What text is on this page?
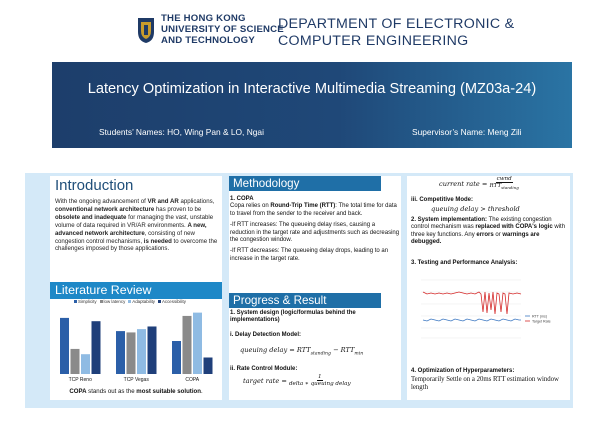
THE HONG KONG
UNIVERSITY OF SCIENCE
AND TECHNOLOGY
DEPARTMENT OF ELECTRONIC &
COMPUTER ENGINEERING
Latency Optimization in Interactive Multimedia Streaming (MZ03a-24)
Students’ Names: HO, Wing Pan & LO, Ngai	Supervisor’s Name: Meng Zili
Introduction
With the ongoing advancement of VR and AR applications, conventional network architecture has proven to be obsolete and inadequate for managing the vast, unstable volume of data required in VR/AR environments. A new, advanced network architecture, consisting of new congestion control mechanisms, is needed to overcome the challenges imposed by those applications.
Literature Review
Simplicity low latency Adaptability Accessibility
TCP Reno	TCP Vegas	COPA
COPA stands out as the most suitable solution.
Methodology

1. COPA
Copa relies on Round-Trip Time (RTT): The total time for data to travel from the sender to the receiver and back.

-If RTT increases: The queueing delay rises, causing a reduction in the target rate and adjustments such as decreasing the congestion window.

-If RTT decreases: The queueing delay drops, leading to an increase in the target rate.

Progress & Result
1. System design (logic/formulas behind the implementations)
i. Delay Detection Model:
ii. Rate Control Module:
queuing delay = $RTT_{standing} - RTT_{min}$
target rate = $\frac{1}{\text{delta ∗ queuing delay}}$
current rate = $\frac{\text{cwnd}}{RTT_{standing}}$
iii. Competitive Mode:
queuing delay > threshold
2. System implementation: The existing congestion control mechanism was replaced with COPA's logic with three key functions. Any errors or warnings are debugged.
3. Testing and Performance Analysis:
RTT (ms)
Target Rate
4. Optimization of Hyperparameters:
Temporarily Settle on a 20ms RTT estimation window length
